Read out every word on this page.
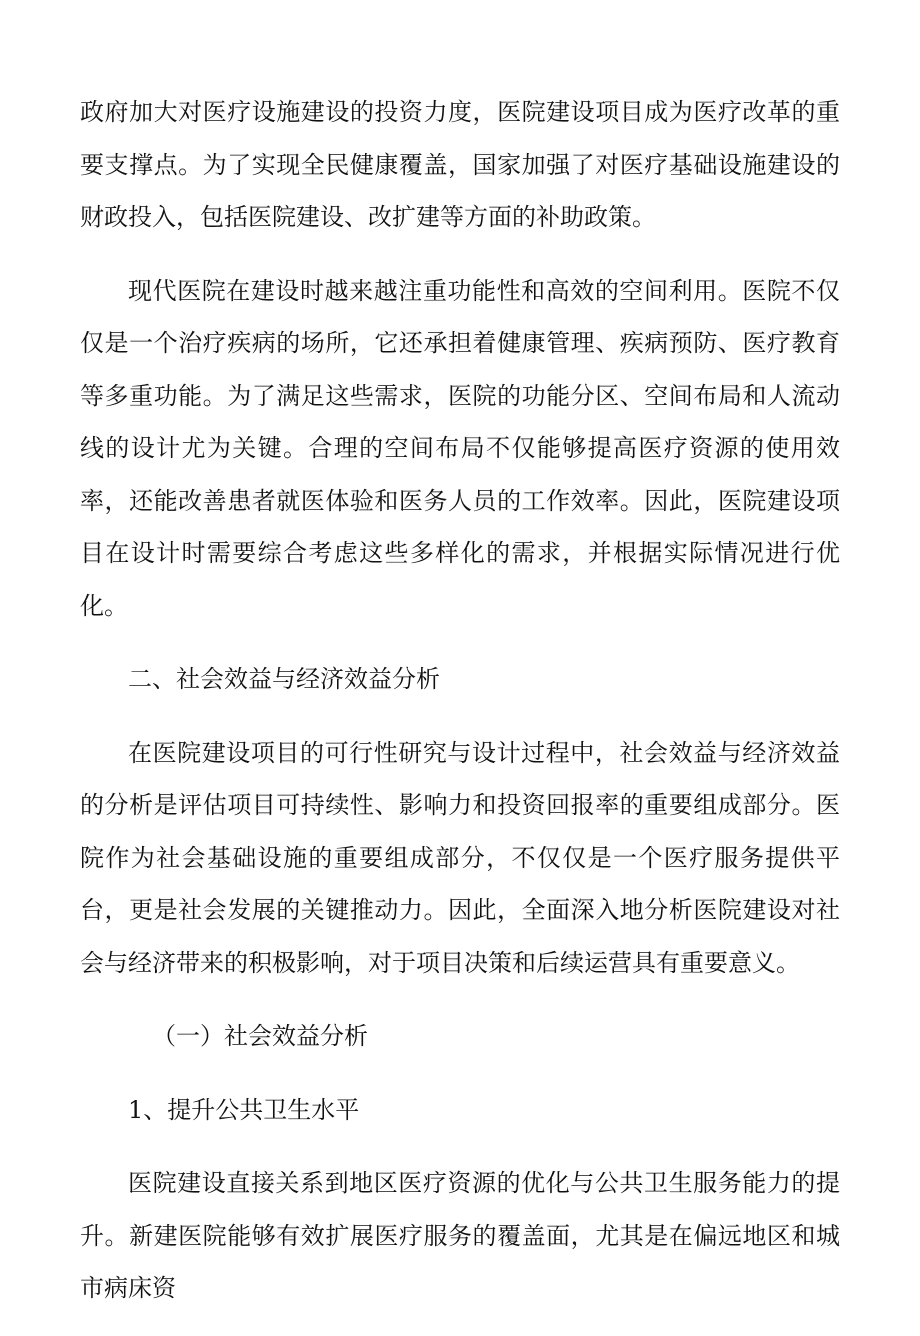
政府加大对医疗设施建设的投资力度，医院建设项目成为医疗改革的重要支撑点。为了实现全民健康覆盖，国家加强了对医疗基础设施建设的财政投入，包括医院建设、改扩建等方面的补助政策。

现代医院在建设时越来越注重功能性和高效的空间利用。医院不仅仅是一个治疗疾病的场所，它还承担着健康管理、疾病预防、医疗教育等多重功能。为了满足这些需求，医院的功能分区、空间布局和人流动线的设计尤为关键。合理的空间布局不仅能够提高医疗资源的使用效率，还能改善患者就医体验和医务人员的工作效率。因此，医院建设项目在设计时需要综合考虑这些多样化的需求，并根据实际情况进行优化。

二、社会效益与经济效益分析

在医院建设项目的可行性研究与设计过程中，社会效益与经济效益的分析是评估项目可持续性、影响力和投资回报率的重要组成部分。医院作为社会基础设施的重要组成部分，不仅仅是一个医疗服务提供平台，更是社会发展的关键推动力。因此，全面深入地分析医院建设对社会与经济带来的积极影响，对于项目决策和后续运营具有重要意义。

（一）社会效益分析
1、提升公共卫生水平

医院建设直接关系到地区医疗资源的优化与公共卫生服务能力的提升。新建医院能够有效扩展医疗服务的覆盖面，尤其是在偏远地区和城市病床资
